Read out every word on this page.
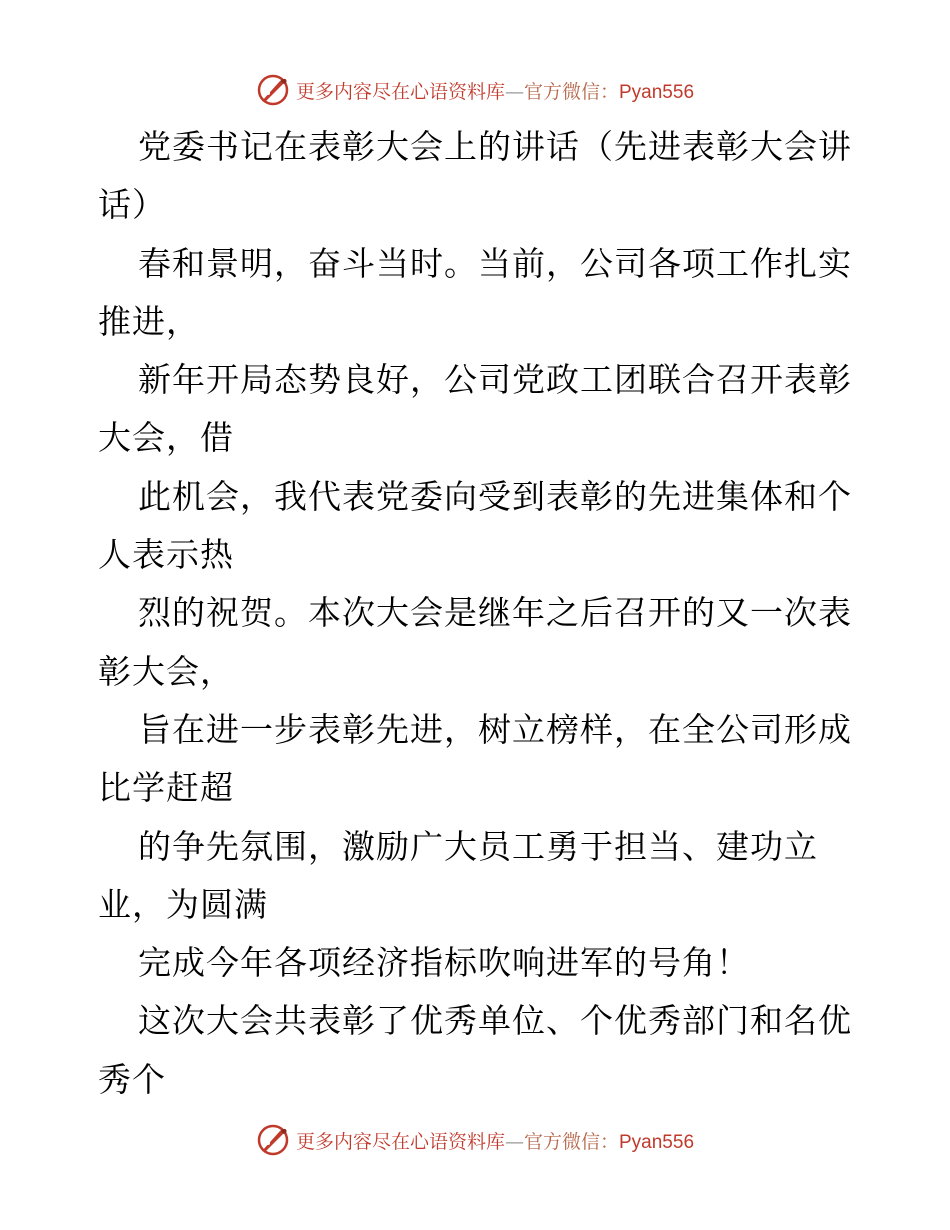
更多内容尽在心语资料库—官方微信：Pyan556
党委书记在表彰大会上的讲话（先进表彰大会讲
话）
春和景明，奋斗当时。当前，公司各项工作扎实
推进，
新年开局态势良好，公司党政工团联合召开表彰
大会，借
此机会，我代表党委向受到表彰的先进集体和个
人表示热
烈的祝贺。本次大会是继年之后召开的又一次表
彰大会，
旨在进一步表彰先进，树立榜样，在全公司形成
比学赶超
的争先氛围，激励广大员工勇于担当、建功立
业，为圆满
完成今年各项经济指标吹响进军的号角！
这次大会共表彰了优秀单位、个优秀部门和名优
秀个
更多内容尽在心语资料库—官方微信：Pyan556
